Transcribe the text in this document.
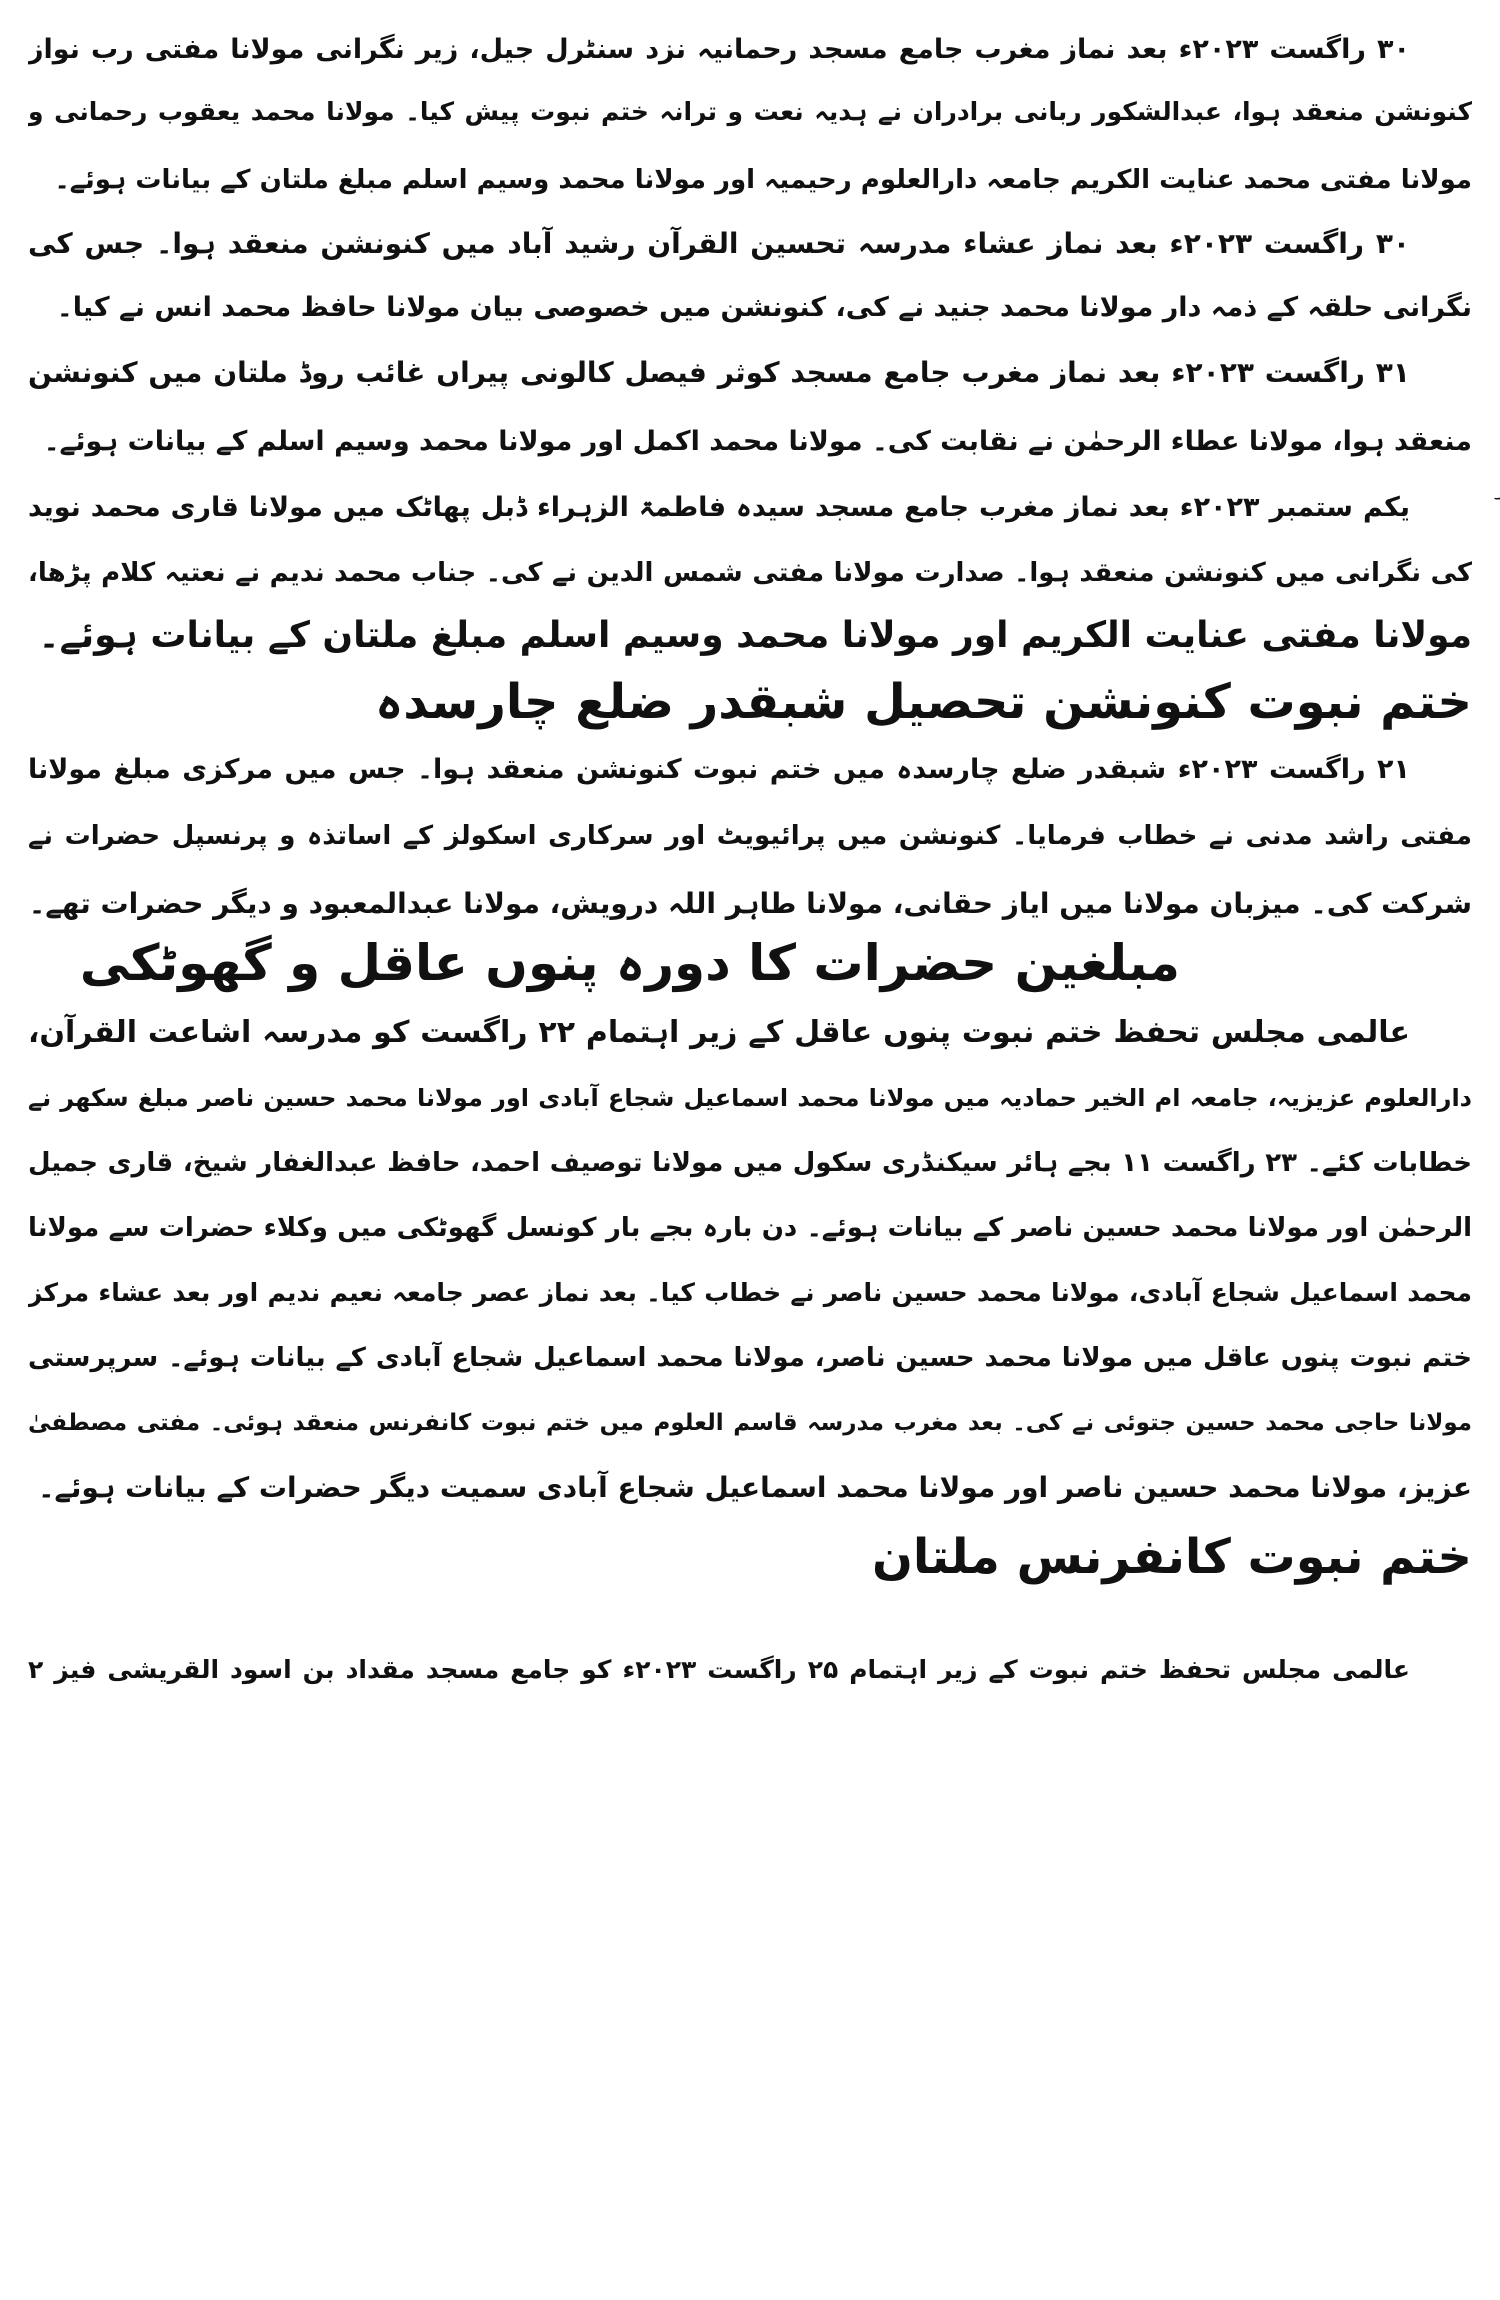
۳۰ راگست ۲۰۲۳ء بعد نماز مغرب جامع مسجد رحمانیہ نزد سنٹرل جیل، زیر نگرانی مولانا مفتی رب نواز
کنونشن منعقد ہوا، عبدالشکور ربانی برادران نے ہدیہ نعت و ترانہ ختم نبوت پیش کیا۔ مولانا محمد یعقوب رحمانی و
مولانا مفتی محمد عنایت الکریم جامعہ دارالعلوم رحیمیہ اور مولانا محمد وسیم اسلم مبلغ ملتان کے بیانات ہوئے۔
۳۰ راگست ۲۰۲۳ء بعد نماز عشاء مدرسہ تحسین القرآن رشید آباد میں کنونشن منعقد ہوا۔ جس کی
نگرانی حلقہ کے ذمہ دار مولانا محمد جنید نے کی، کنونشن میں خصوصی بیان مولانا حافظ محمد انس نے کیا۔
۳۱ راگست ۲۰۲۳ء بعد نماز مغرب جامع مسجد کوثر فیصل کالونی پیراں غائب روڈ ملتان میں کنونشن
منعقد ہوا، مولانا عطاء الرحمٰن نے نقابت کی۔ مولانا محمد اکمل اور مولانا محمد وسیم اسلم کے بیانات ہوئے۔
یکم ستمبر ۲۰۲۳ء بعد نماز مغرب جامع مسجد سیدہ فاطمۃ الزہراء ڈبل پھاٹک میں مولانا قاری محمد نوید
کی نگرانی میں کنونشن منعقد ہوا۔ صدارت مولانا مفتی شمس الدین نے کی۔ جناب محمد ندیم نے نعتیہ کلام پڑھا،
مولانا مفتی عنایت الکریم اور مولانا محمد وسیم اسلم مبلغ ملتان کے بیانات ہوئے۔
ختم نبوت کنونشن تحصیل شبقدر ضلع چارسدہ
۲۱ راگست ۲۰۲۳ء شبقدر ضلع چارسدہ میں ختم نبوت کنونشن منعقد ہوا۔ جس میں مرکزی مبلغ مولانا
مفتی راشد مدنی نے خطاب فرمایا۔ کنونشن میں پرائیویٹ اور سرکاری اسکولز کے اساتذہ و پرنسپل حضرات نے
شرکت کی۔ میزبان مولانا میں ایاز حقانی، مولانا طاہر اللہ درویش، مولانا عبدالمعبود و دیگر حضرات تھے۔
مبلغین حضرات کا دورہ پنوں عاقل و گھوٹکی
عالمی مجلس تحفظ ختم نبوت پنوں عاقل کے زیر اہتمام ۲۲ راگست کو مدرسہ اشاعت القرآن،
دارالعلوم عزیزیہ، جامعہ ام الخیر حمادیہ میں مولانا محمد اسماعیل شجاع آبادی اور مولانا محمد حسین ناصر مبلغ سکھر نے
خطابات کئے۔ ۲۳ راگست ۱۱ بجے ہائر سیکنڈری سکول میں مولانا توصیف احمد، حافظ عبدالغفار شیخ، قاری جمیل
الرحمٰن اور مولانا محمد حسین ناصر کے بیانات ہوئے۔ دن بارہ بجے بار کونسل گھوٹکی میں وکلاء حضرات سے مولانا
محمد اسماعیل شجاع آبادی، مولانا محمد حسین ناصر نے خطاب کیا۔ بعد نماز عصر جامعہ نعیم ندیم اور بعد عشاء مرکز
ختم نبوت پنوں عاقل میں مولانا محمد حسین ناصر، مولانا محمد اسماعیل شجاع آبادی کے بیانات ہوئے۔ سرپرستی
مولانا حاجی محمد حسین جتوئی نے کی۔ بعد مغرب مدرسہ قاسم العلوم میں ختم نبوت کانفرنس منعقد ہوئی۔ مفتی مصطفیٰ
عزیز، مولانا محمد حسین ناصر اور مولانا محمد اسماعیل شجاع آبادی سمیت دیگر حضرات کے بیانات ہوئے۔
ختم نبوت کانفرنس ملتان
عالمی مجلس تحفظ ختم نبوت کے زیر اہتمام ۲۵ راگست ۲۰۲۳ء کو جامع مسجد مقداد بن اسود القریشی فیز ۲
